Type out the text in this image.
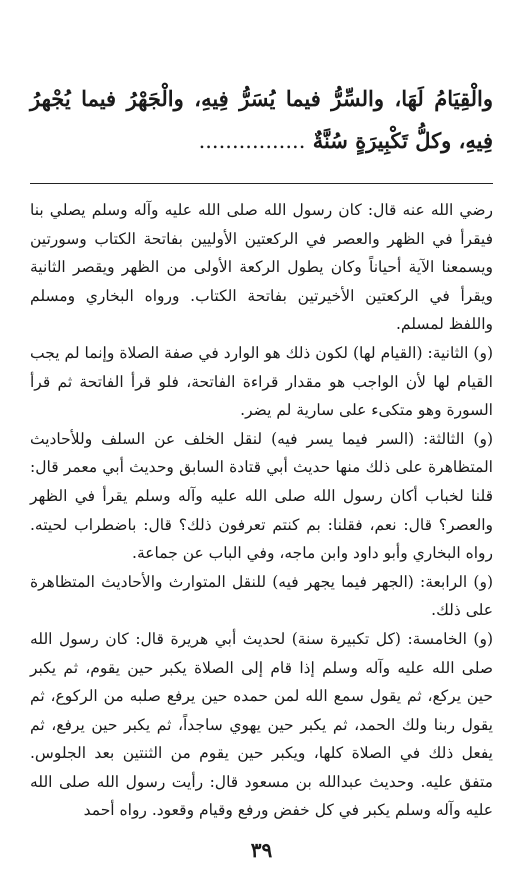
والْقِيَامُ لَهَا، والسِّرُّ فيما يُسَرُّ فِيهِ، والْجَهْرُ فيما يُجْهرُ فِيهِ، وكلُّ تَكْبِيرَةٍ سُنَّةٌ ................

رضي الله عنه قال: كان رسول الله صلى الله عليه وآله وسلم يصلي بنا فيقرأ في الظهر والعصر في الركعتين الأوليين بفاتحة الكتاب وسورتين ويسمعنا الآية أحياناً وكان يطول الركعة الأولى من الظهر ويقصر الثانية ويقرأ في الركعتين الأخيرتين بفاتحة الكتاب. ورواه البخاري ومسلم واللفظ لمسلم.

(و) الثانية: (القيام لها) لكون ذلك هو الوارد في صفة الصلاة وإنما لم يجب القيام لها لأن الواجب هو مقدار قراءة الفاتحة، فلو قرأ الفاتحة ثم قرأ السورة وهو متكىء على سارية لم يضر.

(و) الثالثة: (السر فيما يسر فيه) لنقل الخلف عن السلف وللأحاديث المتظاهرة على ذلك منها حديث أبي قتادة السابق وحديث أبي معمر قال: قلنا لخباب أكان رسول الله صلى الله عليه وآله وسلم يقرأ في الظهر والعصر؟ قال: نعم، فقلنا: بم كنتم تعرفون ذلك؟ قال: باضطراب لحيته. رواه البخاري وأبو داود وابن ماجه، وفي الباب عن جماعة.

(و) الرابعة: (الجهر فيما يجهر فيه) للنقل المتوارث والأحاديث المتظاهرة على ذلك.

(و) الخامسة: (كل تكبيرة سنة) لحديث أبي هريرة قال: كان رسول الله صلى الله عليه وآله وسلم إذا قام إلى الصلاة يكبر حين يقوم، ثم يكبر حين يركع، ثم يقول سمع الله لمن حمده حين يرفع صلبه من الركوع، ثم يقول ربنا ولك الحمد، ثم يكبر حين يهوي ساجداً، ثم يكبر حين يرفع، ثم يفعل ذلك في الصلاة كلها، ويكبر حين يقوم من الثنتين بعد الجلوس. متفق عليه. وحديث عبدالله بن مسعود قال: رأيت رسول الله صلى الله عليه وآله وسلم يكبر في كل خفض ورفع وقيام وقعود. رواه أحمد

٣٩
